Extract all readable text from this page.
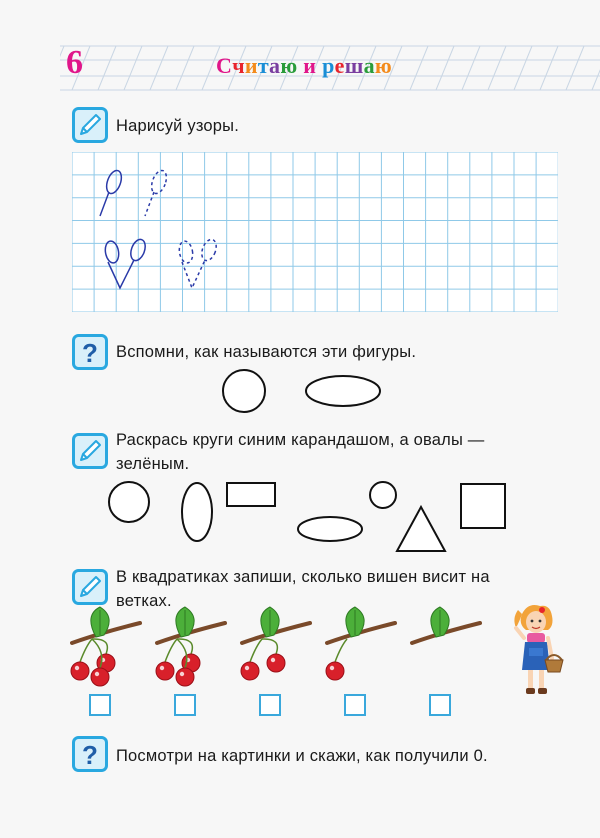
6	Считаю и решаю
Нарисуй узоры.
? Вспомни, как называются эти фигуры.
Раскрась круги синим карандашом, а овалы —
зелёным.
В квадратиках запиши, сколько вишен висит на
ветках.
? Посмотри на картинки и скажи, как получили 0.
